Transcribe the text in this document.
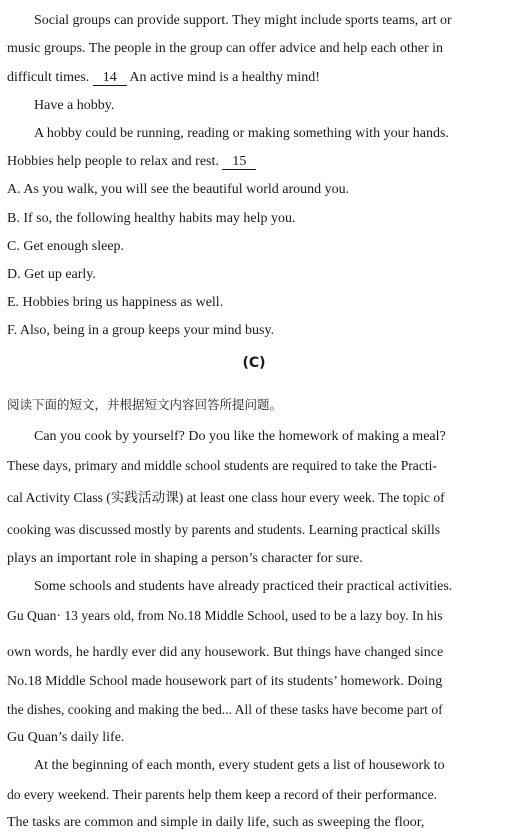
Social groups can provide support. They might include sports teams, art or
music groups. The people in the group can offer advice and help each other in
difficult times. 14 An active mind is a healthy mind!
Have a hobby.
A hobby could be running, reading or making something with your hands.
Hobbies help people to relax and rest. 15
A. As you walk, you will see the beautiful world around you.
B. If so, the following healthy habits may help you.
C. Get enough sleep.
D. Get up early.
E. Hobbies bring us happiness as well.
F. Also, being in a group keeps your mind busy.
(C)
阅读下面的短文，并根据短文内容回答所提问题。
Can you cook by yourself? Do you like the homework of making a meal?
These days, primary and middle school students are required to take the Practi-
cal Activity Class (实践活动课) at least one class hour every week. The topic of
cooking was discussed mostly by parents and students. Learning practical skills
plays an important role in shaping a person’s character for sure.
Some schools and students have already practiced their practical activities.
Gu Quan· 13 years old, from No.18 Middle School, used to be a lazy boy. In his
own words, he hardly ever did any housework. But things have changed since
No.18 Middle School made housework part of its students’ homework. Doing
the dishes, cooking and making the bed... All of these tasks have become part of
Gu Quan’s daily life.
At the beginning of each month, every student gets a list of housework to
do every weekend. Their parents help them keep a record of their performance.
The tasks are common and simple in daily life, such as sweeping the floor,
